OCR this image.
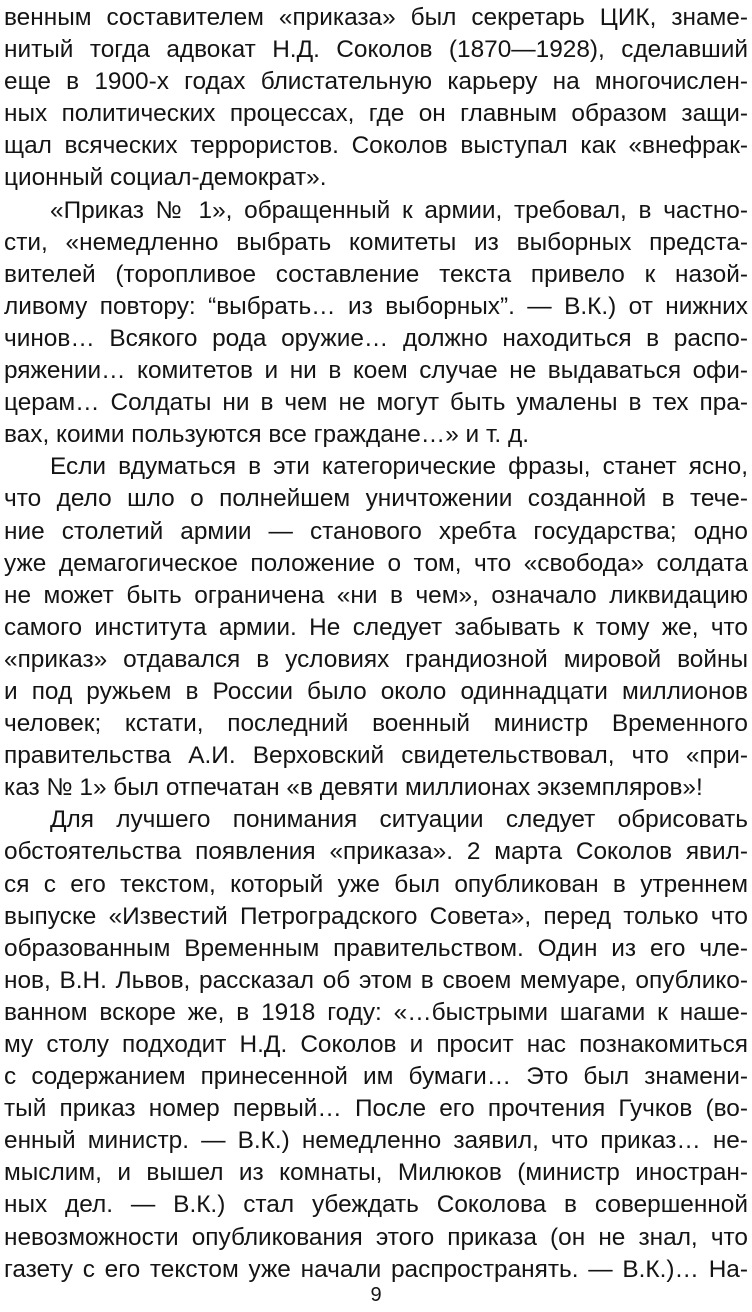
венным составителем «приказа» был секретарь ЦИК, знаме-
нитый тогда адвокат Н.Д. Соколов (1870—1928), сделавший
еще в 1900-х годах блистательную карьеру на многочислен-
ных политических процессах, где он главным образом защи-
щал всяческих террористов. Соколов выступал как «внефрак-
ционный социал-демократ».
«Приказ № 1», обращенный к армии, требовал, в частно-
сти, «немедленно выбрать комитеты из выборных предста-
вителей (торопливое составление текста привело к назой-
ливому повтору: “выбрать… из выборных”. — В.К.) от нижних
чинов… Всякого рода оружие… должно находиться в распо-
ряжении… комитетов и ни в коем случае не выдаваться офи-
церам… Солдаты ни в чем не могут быть умалены в тех пра-
вах, коими пользуются все граждане…» и т. д.
Если вдуматься в эти категорические фразы, станет ясно,
что дело шло о полнейшем уничтожении созданной в тече-
ние столетий армии — станового хребта государства; одно
уже демагогическое положение о том, что «свобода» солдата
не может быть ограничена «ни в чем», означало ликвидацию
самого института армии. Не следует забывать к тому же, что
«приказ» отдавался в условиях грандиозной мировой войны
и под ружьем в России было около одиннадцати миллионов
человек; кстати, последний военный министр Временного
правительства А.И. Верховский свидетельствовал, что «при-
каз № 1» был отпечатан «в девяти миллионах экземпляров»!
Для лучшего понимания ситуации следует обрисовать
обстоятельства появления «приказа». 2 марта Соколов явил-
ся с его текстом, который уже был опубликован в утреннем
выпуске «Известий Петроградского Совета», перед только что
образованным Временным правительством. Один из его чле-
нов, В.Н. Львов, рассказал об этом в своем мемуаре, опублико-
ванном вскоре же, в 1918 году: «…быстрыми шагами к наше-
му столу подходит Н.Д. Соколов и просит нас познакомиться
с содержанием принесенной им бумаги… Это был знамени-
тый приказ номер первый… После его прочтения Гучков (во-
енный министр. — В.К.) немедленно заявил, что приказ… не-
мыслим, и вышел из комнаты, Милюков (министр иностран-
ных дел. — В.К.) стал убеждать Соколова в совершенной
невозможности опубликования этого приказа (он не знал, что
газету с его текстом уже начали распространять. — В.К.)… На-
9
